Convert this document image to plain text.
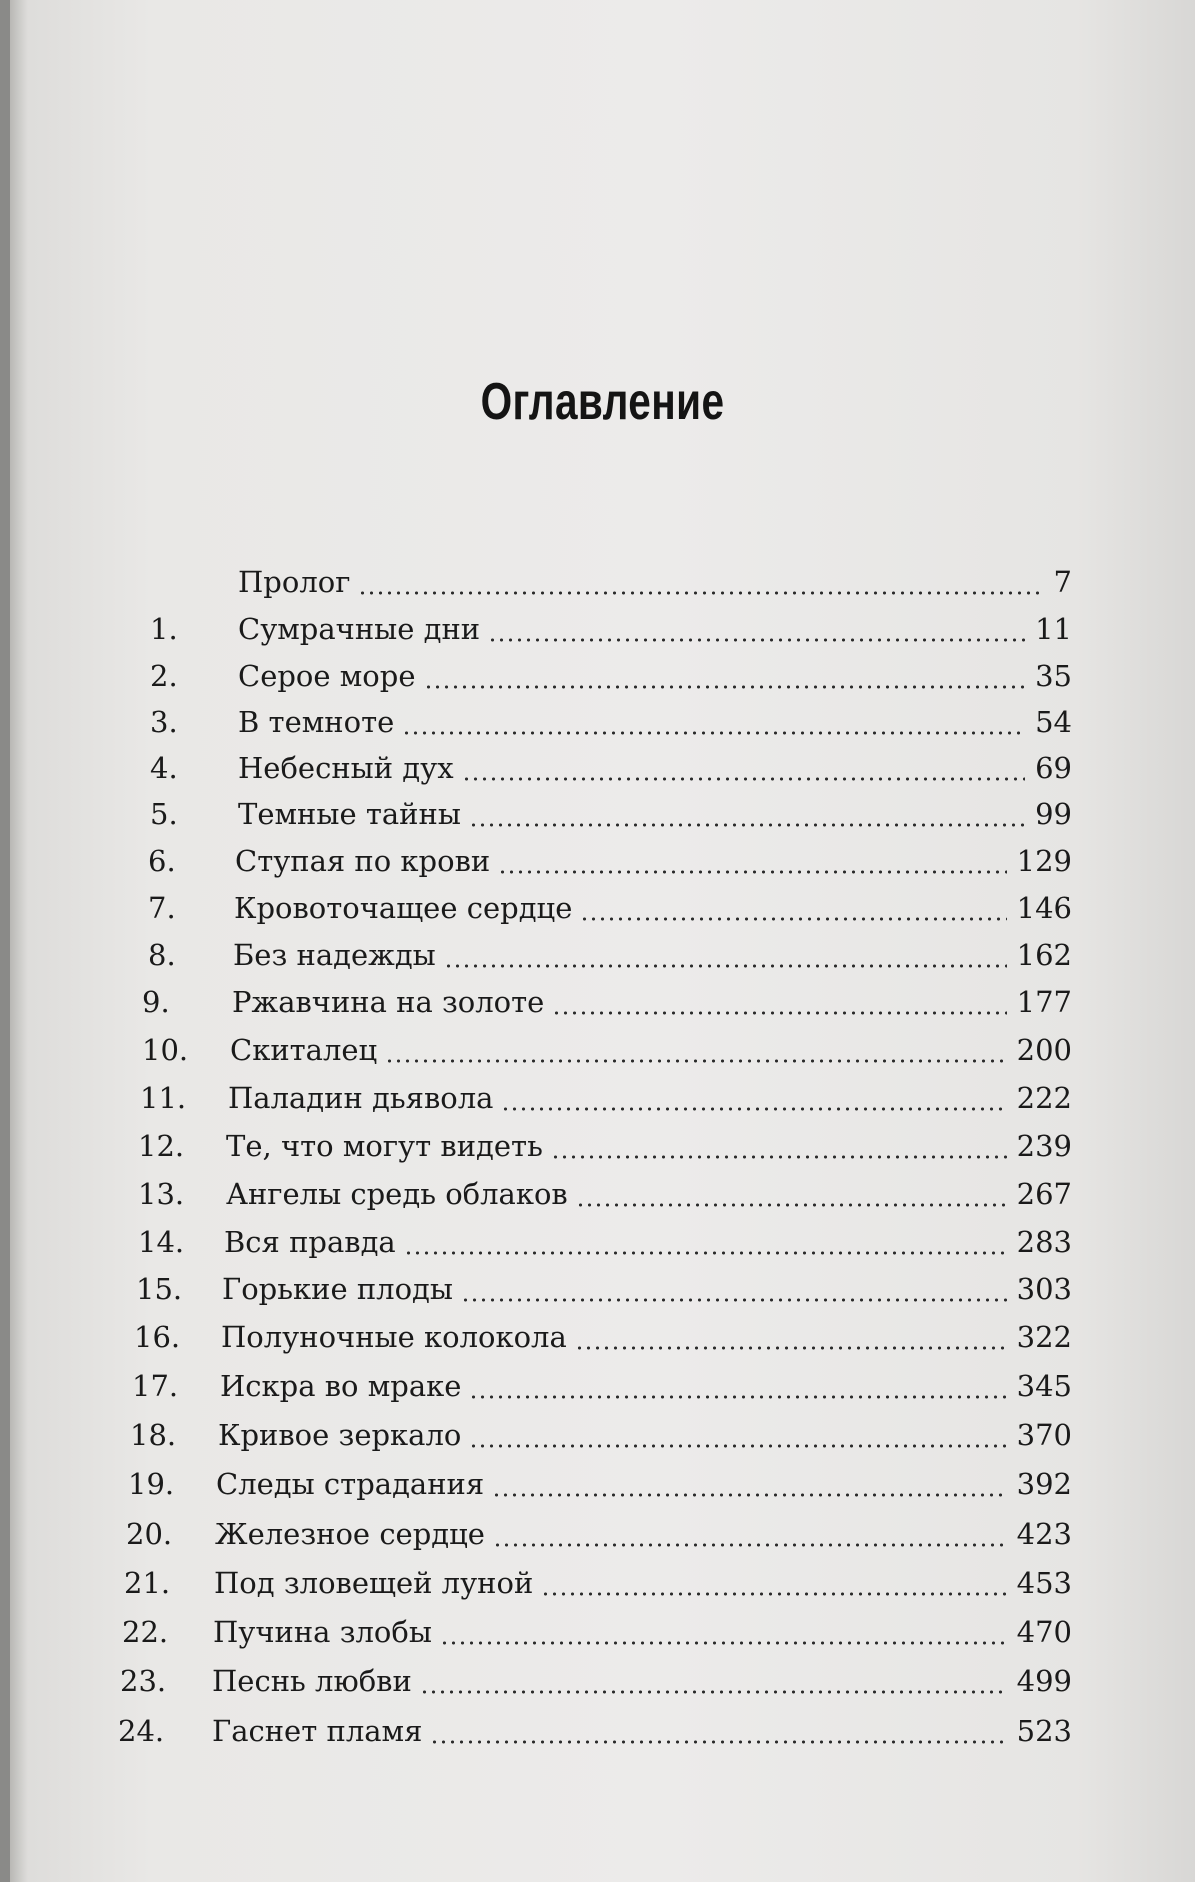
Оглавление
Пролог	7
1.	Сумрачные дни	11
2.	Серое море	35
3.	В темноте	54
4.	Небесный дух	69
5.	Темные тайны	99
6.	Ступая по крови	129
7.	Кровоточащее сердце	146
8.	Без надежды	162
9.	Ржавчина на золоте	177
10.	Скиталец	200
11.	Паладин дьявола	222
12.	Те, что могут видеть	239
13.	Ангелы средь облаков	267
14.	Вся правда	283
15.	Горькие плоды	303
16.	Полуночные колокола	322
17.	Искра во мраке	345
18.	Кривое зеркало	370
19.	Следы страдания	392
20.	Железное сердце	423
21.	Под зловещей луной	453
22.	Пучина злобы	470
23.	Песнь любви	499
24.	Гаснет пламя	523
